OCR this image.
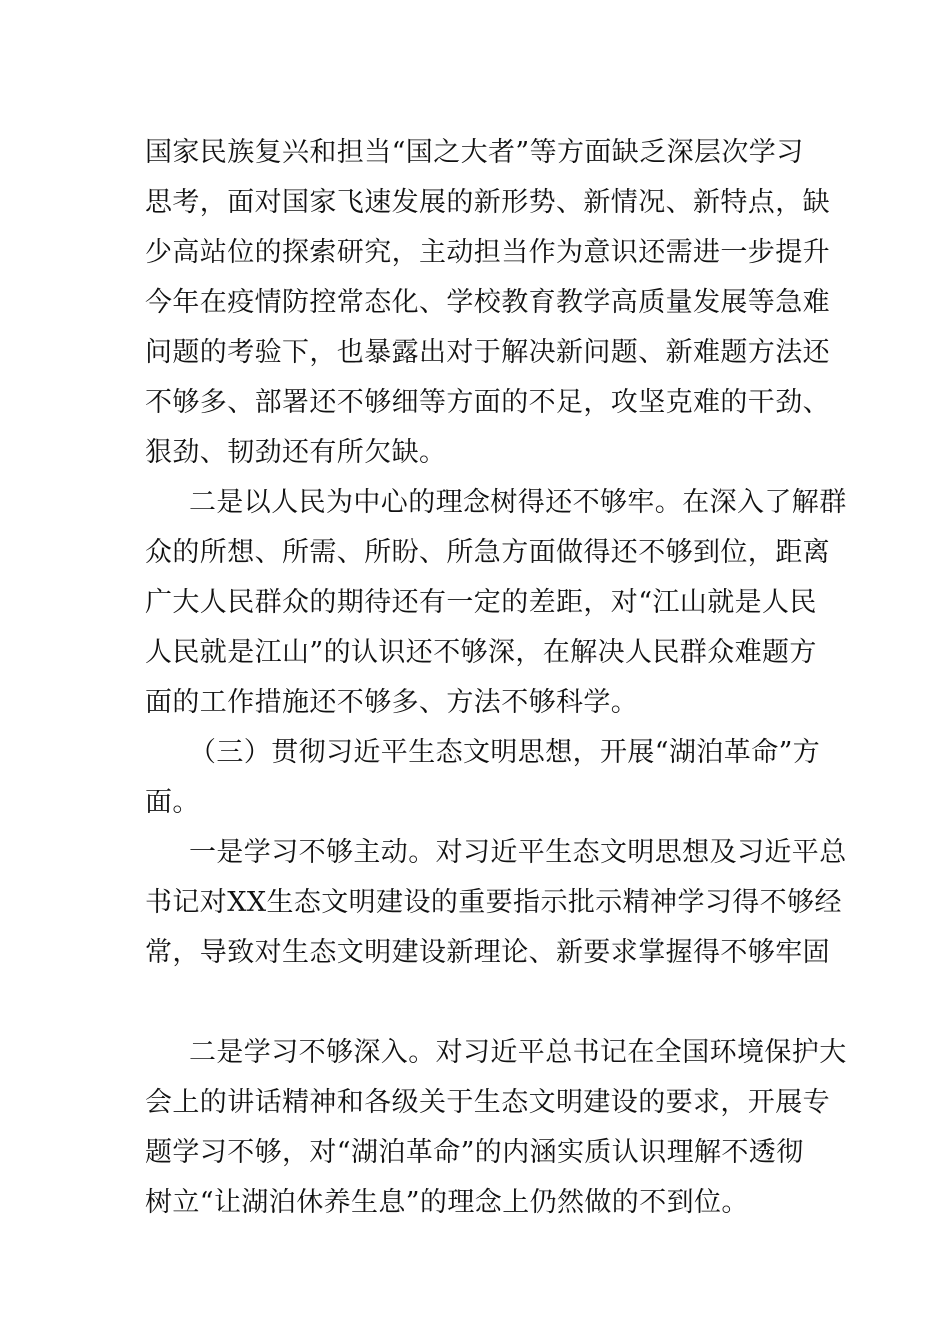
国家民族复兴和担当“国之大者”等方面缺乏深层次学习
思考，面对国家飞速发展的新形势、新情况、新特点，缺
少高站位的探索研究，主动担当作为意识还需进一步提升
今年在疫情防控常态化、学校教育教学高质量发展等急难
问题的考验下，也暴露出对于解决新问题、新难题方法还
不够多、部署还不够细等方面的不足，攻坚克难的干劲、
狠劲、韧劲还有所欠缺。
二是以人民为中心的理念树得还不够牢。在深入了解群
众的所想、所需、所盼、所急方面做得还不够到位，距离
广大人民群众的期待还有一定的差距，对“江山就是人民
人民就是江山”的认识还不够深，在解决人民群众难题方
面的工作措施还不够多、方法不够科学。
（三）贯彻习近平生态文明思想，开展“湖泊革命”方
面。
一是学习不够主动。对习近平生态文明思想及习近平总
书记对XX生态文明建设的重要指示批示精神学习得不够经
常，导致对生态文明建设新理论、新要求掌握得不够牢固
二是学习不够深入。对习近平总书记在全国环境保护大
会上的讲话精神和各级关于生态文明建设的要求，开展专
题学习不够，对“湖泊革命”的内涵实质认识理解不透彻
树立“让湖泊休养生息”的理念上仍然做的不到位。
